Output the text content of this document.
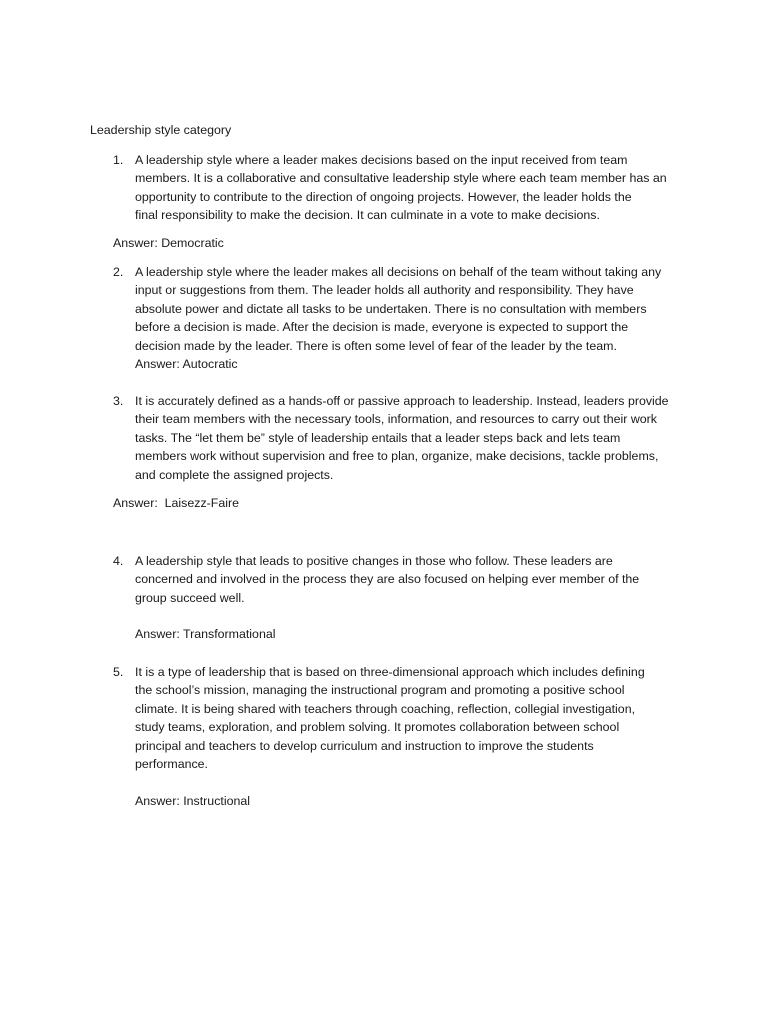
Leadership style category
1. A leadership style where a leader makes decisions based on the input received from team
members. It is a collaborative and consultative leadership style where each team member has an
opportunity to contribute to the direction of ongoing projects. However, the leader holds the
final responsibility to make the decision. It can culminate in a vote to make decisions.
Answer: Democratic
2. A leadership style where the leader makes all decisions on behalf of the team without taking any
input or suggestions from them. The leader holds all authority and responsibility. They have
absolute power and dictate all tasks to be undertaken. There is no consultation with members
before a decision is made. After the decision is made, everyone is expected to support the
decision made by the leader. There is often some level of fear of the leader by the team.
Answer: Autocratic
3. It is accurately defined as a hands-off or passive approach to leadership. Instead, leaders provide
their team members with the necessary tools, information, and resources to carry out their work
tasks. The “let them be” style of leadership entails that a leader steps back and lets team
members work without supervision and free to plan, organize, make decisions, tackle problems,
and complete the assigned projects.
Answer:  Laisezz-Faire
4. A leadership style that leads to positive changes in those who follow. These leaders are
concerned and involved in the process they are also focused on helping ever member of the
group succeed well.
Answer: Transformational
5. It is a type of leadership that is based on three-dimensional approach which includes defining
the school’s mission, managing the instructional program and promoting a positive school
climate. It is being shared with teachers through coaching, reflection, collegial investigation,
study teams, exploration, and problem solving. It promotes collaboration between school
principal and teachers to develop curriculum and instruction to improve the students
performance.
Answer: Instructional
